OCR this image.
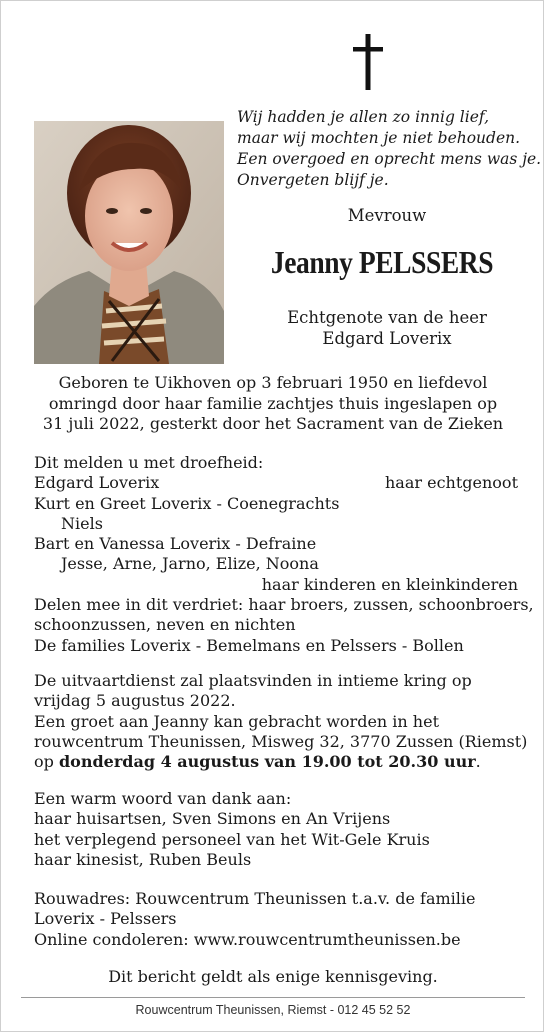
Wij hadden je allen zo innig lief,
maar wij mochten je niet behouden.
Een overgoed en oprecht mens was je.
Onvergeten blijf je.
Mevrouw
Jeanny PELSSERS
Echtgenote van de heer
Edgard Loverix
Geboren te Uikhoven op 3 februari 1950 en liefdevol
omringd door haar familie zachtjes thuis ingeslapen op
31 juli 2022, gesterkt door het Sacrament van de Zieken
Dit melden u met droefheid:
Edgard Loverix	haar echtgenoot
Kurt en Greet Loverix - Coenegrachts
Niels
Bart en Vanessa Loverix - Defraine
Jesse, Arne, Jarno, Elize, Noona
haar kinderen en kleinkinderen
Delen mee in dit verdriet: haar broers, zussen, schoonbroers,
schoonzussen, neven en nichten
De families Loverix - Bemelmans en Pelssers - Bollen
De uitvaartdienst zal plaatsvinden in intieme kring op
vrijdag 5 augustus 2022.
Een groet aan Jeanny kan gebracht worden in het
rouwcentrum Theunissen, Misweg 32, 3770 Zussen (Riemst)
op donderdag 4 augustus van 19.00 tot 20.30 uur.
Een warm woord van dank aan:
haar huisartsen, Sven Simons en An Vrijens
het verplegend personeel van het Wit-Gele Kruis
haar kinesist, Ruben Beuls
Rouwadres: Rouwcentrum Theunissen t.a.v. de familie
Loverix - Pelssers
Online condoleren: www.rouwcentrumtheunissen.be
Dit bericht geldt als enige kennisgeving.
Rouwcentrum Theunissen, Riemst - 012 45 52 52
